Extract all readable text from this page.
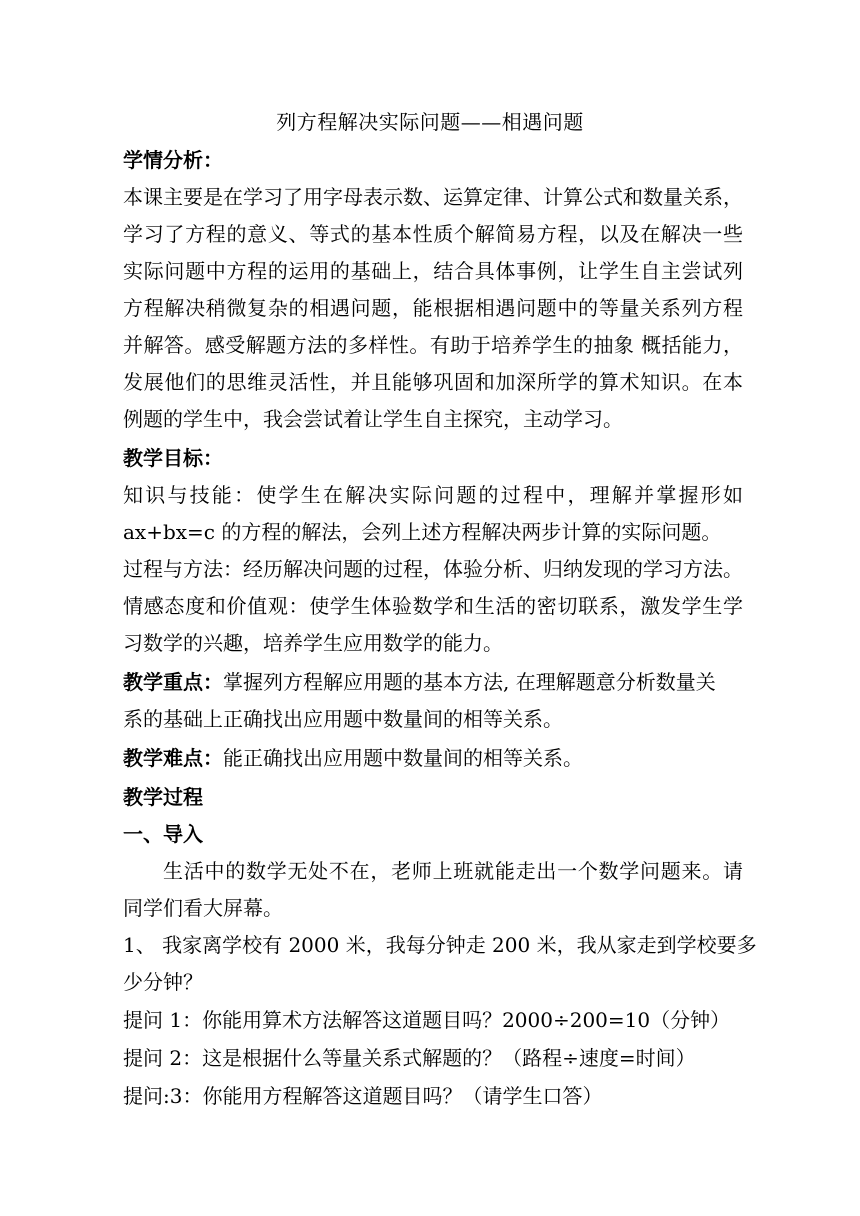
列方程解决实际问题——相遇问题
学情分析：
本课主要是在学习了用字母表示数、运算定律、计算公式和数量关系，
学习了方程的意义、等式的基本性质个解简易方程，以及在解决一些
实际问题中方程的运用的基础上，结合具体事例，让学生自主尝试列
方程解决稍微复杂的相遇问题，能根据相遇问题中的等量关系列方程
并解答。感受解题方法的多样性。有助于培养学生的抽象 概括能力，
发展他们的思维灵活性，并且能够巩固和加深所学的算术知识。在本
例题的学生中，我会尝试着让学生自主探究，主动学习。
教学目标：
知识与技能：使学生在解决实际问题的过程中，理解并掌握形如
ax+bx=c 的方程的解法，会列上述方程解决两步计算的实际问题。
过程与方法：经历解决问题的过程，体验分析、归纳发现的学习方法。
情感态度和价值观：使学生体验数学和生活的密切联系，激发学生学
习数学的兴趣，培养学生应用数学的能力。
教学重点：掌握列方程解应用题的基本方法, 在理解题意分析数量关
系的基础上正确找出应用题中数量间的相等关系。
教学难点：能正确找出应用题中数量间的相等关系。
教学过程
一、导入
生活中的数学无处不在，老师上班就能走出一个数学问题来。请
同学们看大屏幕。
1、 我家离学校有 2000 米，我每分钟走 200 米，我从家走到学校要多
少分钟？
提问 1：你能用算术方法解答这道题目吗？2000÷200=10（分钟）
提问 2：这是根据什么等量关系式解题的？（路程÷速度=时间）
提问:3：你能用方程解答这道题目吗？（请学生口答）
